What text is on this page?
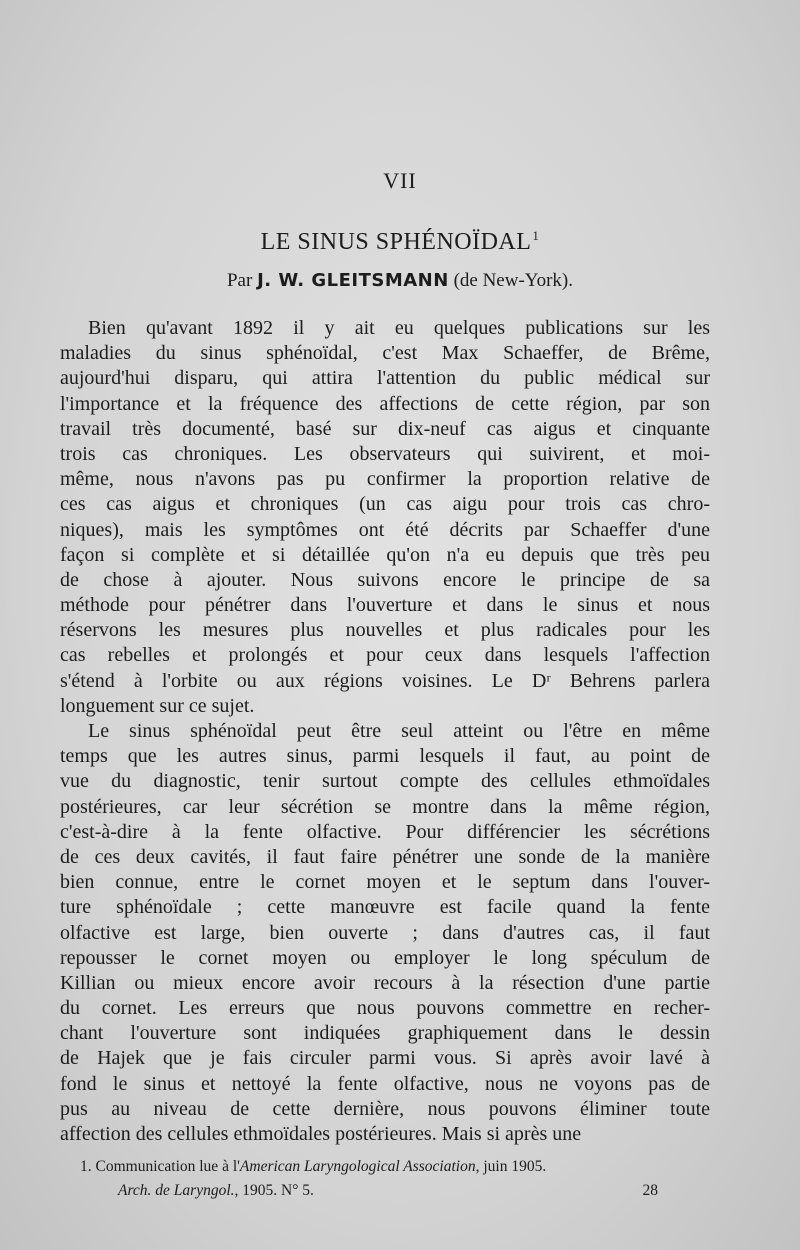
VII
LE SINUS SPHÉNOÏDAL$^1$
Par J. W. GLEITSMANN (de New-York).
Bien qu'avant 1892 il y ait eu quelques publications sur les
maladies du sinus sphénoïdal, c'est Max Schaeffer, de Brême,
aujourd'hui disparu, qui attira l'attention du public médical sur
l'importance et la fréquence des affections de cette région, par son
travail très documenté, basé sur dix-neuf cas aigus et cinquante
trois cas chroniques. Les observateurs qui suivirent, et moi-
même, nous n'avons pas pu confirmer la proportion relative de
ces cas aigus et chroniques (un cas aigu pour trois cas chro-
niques), mais les symptômes ont été décrits par Schaeffer d'une
façon si complète et si détaillée qu'on n'a eu depuis que très peu
de chose à ajouter. Nous suivons encore le principe de sa
méthode pour pénétrer dans l'ouverture et dans le sinus et nous
réservons les mesures plus nouvelles et plus radicales pour les
cas rebelles et prolongés et pour ceux dans lesquels l'affection
s'étend à l'orbite ou aux régions voisines. Le Dʳ Behrens parlera
longuement sur ce sujet.
Le sinus sphénoïdal peut être seul atteint ou l'être en même
temps que les autres sinus, parmi lesquels il faut, au point de
vue du diagnostic, tenir surtout compte des cellules ethmoïdales
postérieures, car leur sécrétion se montre dans la même région,
c'est-à-dire à la fente olfactive. Pour différencier les sécrétions
de ces deux cavités, il faut faire pénétrer une sonde de la manière
bien connue, entre le cornet moyen et le septum dans l'ouver-
ture sphénoïdale ; cette manœuvre est facile quand la fente
olfactive est large, bien ouverte ; dans d'autres cas, il faut
repousser le cornet moyen ou employer le long spéculum de
Killian ou mieux encore avoir recours à la résection d'une partie
du cornet. Les erreurs que nous pouvons commettre en recher-
chant l'ouverture sont indiquées graphiquement dans le dessin
de Hajek que je fais circuler parmi vous. Si après avoir lavé à
fond le sinus et nettoyé la fente olfactive, nous ne voyons pas de
pus au niveau de cette dernière, nous pouvons éliminer toute
affection des cellules ethmoïdales postérieures. Mais si après une
1. Communication lue à l'American Laryngological Association, juin 1905.
Arch. de Laryngol., 1905. N° 5.	28
